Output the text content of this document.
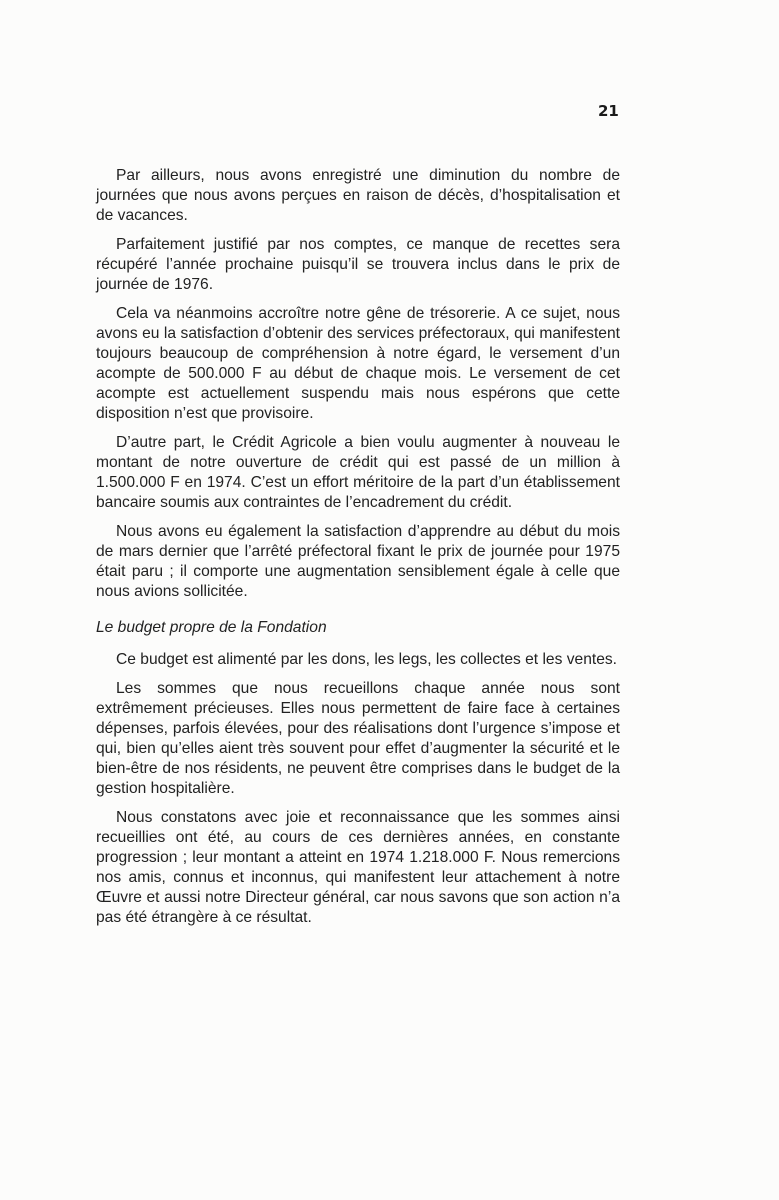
21

Par ailleurs, nous avons enregistré une diminution du nombre de journées que nous avons perçues en raison de décès, d’hospitalisation et de vacances.

Parfaitement justifié par nos comptes, ce manque de recettes sera récupéré l’année prochaine puisqu’il se trouvera inclus dans le prix de journée de 1976.

Cela va néanmoins accroître notre gêne de trésorerie. A ce sujet, nous avons eu la satisfaction d’obtenir des services préfectoraux, qui manifestent toujours beaucoup de compréhension à notre égard, le versement d’un acompte de 500.000 F au début de chaque mois. Le versement de cet acompte est actuellement suspendu mais nous espérons que cette disposition n’est que provisoire.

D’autre part, le Crédit Agricole a bien voulu augmenter à nouveau le montant de notre ouverture de crédit qui est passé de un million à 1.500.000 F en 1974. C’est un effort méritoire de la part d’un établissement bancaire soumis aux contraintes de l’encadrement du crédit.

Nous avons eu également la satisfaction d’apprendre au début du mois de mars dernier que l’arrêté préfectoral fixant le prix de journée pour 1975 était paru ; il comporte une augmentation sensiblement égale à celle que nous avions sollicitée.

Le budget propre de la Fondation

Ce budget est alimenté par les dons, les legs, les collectes et les ventes.

Les sommes que nous recueillons chaque année nous sont extrêmement précieuses. Elles nous permettent de faire face à certaines dépenses, parfois élevées, pour des réalisations dont l’urgence s’impose et qui, bien qu’elles aient très souvent pour effet d’augmenter la sécurité et le bien-être de nos résidents, ne peuvent être comprises dans le budget de la gestion hospitalière.

Nous constatons avec joie et reconnaissance que les sommes ainsi recueillies ont été, au cours de ces dernières années, en constante progression ; leur montant a atteint en 1974 1.218.000 F. Nous remercions nos amis, connus et inconnus, qui manifestent leur attachement à notre Œuvre et aussi notre Directeur général, car nous savons que son action n’a pas été étrangère à ce résultat.
